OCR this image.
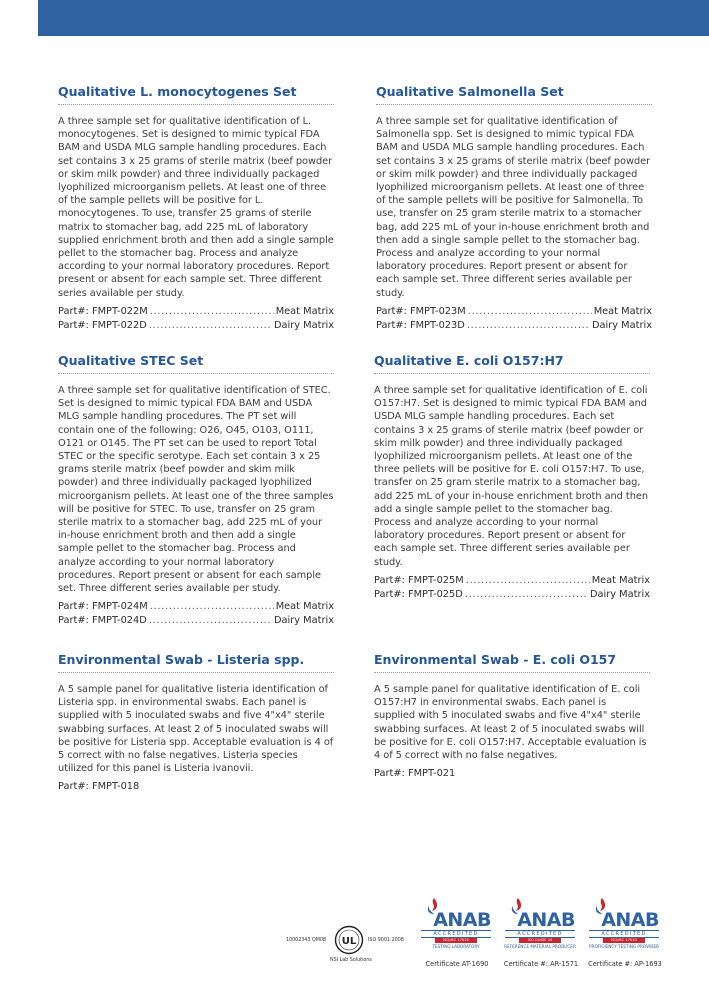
Qualitative L. monocytogenes Set
A three sample set for qualitative identification of L. monocytogenes. Set is designed to mimic typical FDA BAM and USDA MLG sample handling procedures. Each set contains 3 x 25 grams of sterile matrix (beef powder or skim milk powder) and three individually packaged lyophilized microorganism pellets. At least one of three of the sample pellets will be positive for L. monocytogenes. To use, transfer 25 grams of sterile matrix to stomacher bag, add 225 mL of laboratory supplied enrichment broth and then add a single sample pellet to the stomacher bag. Process and analyze according to your normal laboratory procedures. Report present or absent for each sample set. Three different series available per study.
Part#: FMPT-022M . . .	Meat Matrix
Part#: FMPT-022D . . .	Dairy Matrix
Qualitative Salmonella Set
A three sample set for qualitative identification of Salmonella spp. Set is designed to mimic typical FDA BAM and USDA MLG sample handling procedures. Each set contains 3 x 25 grams of sterile matrix (beef powder or skim milk powder) and three individually packaged lyophilized microorganism pellets. At least one of three of the sample pellets will be positive for Salmonella. To use, transfer on 25 gram sterile matrix to a stomacher bag, add 225 mL of your in-house enrichment broth and then add a single sample pellet to the stomacher bag. Process and analyze according to your normal laboratory procedures. Report present or absent for each sample set. Three different series available per study.
Part#: FMPT-023M . . .	Meat Matrix
Part#: FMPT-023D . . .	Dairy Matrix
Qualitative STEC Set
A three sample set for qualitative identification of STEC. Set is designed to mimic typical FDA BAM and USDA MLG sample handling procedures. The PT set will contain one of the following: O26, O45, O103, O111, O121 or O145. The PT set can be used to report Total STEC or the specific serotype. Each set contain 3 x 25 grams sterile matrix (beef powder and skim milk powder) and three individually packaged lyophilized microorganism pellets. At least one of the three samples will be positive for STEC. To use, transfer on 25 gram sterile matrix to a stomacher bag, add 225 mL of your in-house enrichment broth and then add a single sample pellet to the stomacher bag. Process and analyze according to your normal laboratory procedures. Report present or absent for each sample set. Three different series available per study.
Part#: FMPT-024M . . .	Meat Matrix
Part#: FMPT-024D . . .	Dairy Matrix
Qualitative E. coli O157:H7
A three sample set for qualitative identification of E. coli O157:H7. Set is designed to mimic typical FDA BAM and USDA MLG sample handling procedures. Each set contains 3 x 25 grams of sterile matrix (beef powder or skim milk powder) and three individually packaged lyophilized microorganism pellets. At least one of the three pellets will be positive for E. coli O157:H7. To use, transfer on 25 gram sterile matrix to a stomacher bag, add 225 mL of your in-house enrichment broth and then add a single sample pellet to the stomacher bag. Process and analyze according to your normal laboratory procedures. Report present or absent for each sample set. Three different series available per study.
Part#: FMPT-025M . . .	Meat Matrix
Part#: FMPT-025D . . .	Dairy Matrix
Environmental Swab - Listeria spp.
A 5 sample panel for qualitative listeria identification of Listeria spp. in environmental swabs. Each panel is supplied with 5 inoculated swabs and five 4"x4" sterile swabbing surfaces. At least 2 of 5 inoculated swabs will be positive for Listeria spp. Acceptable evaluation is 4 of 5 correct with no false negatives. Listeria species utilized for this panel is Listeria ivanovii.
Part#: FMPT-018
Environmental Swab - E. coli O157
A 5 sample panel for qualitative identification of E. coli O157:H7 in environmental swabs. Each panel is supplied with 5 inoculated swabs and five 4"x4" sterile swabbing surfaces. At least 2 of 5 inoculated swabs will be positive for E. coli O157:H7. Acceptable evaluation is 4 of 5 correct with no false negatives.
Part#: FMPT-021
10002343 QM08 UL ISO 9001:2008
NSI Lab Solutions
ANAB
ACCREDITED
ISO/IEC 17025
TESTING LABORATORY
Certificate AT-1690
ANAB
ACCREDITED
ISO GUIDE 34
REFERENCE MATERIAL PRODUCER
Certificate #: AR-1571
ANAB
ACCREDITED
ISO/IEC 17043
PROFICIENCY TESTING PROVIDER
Certificate #: AP-1693
